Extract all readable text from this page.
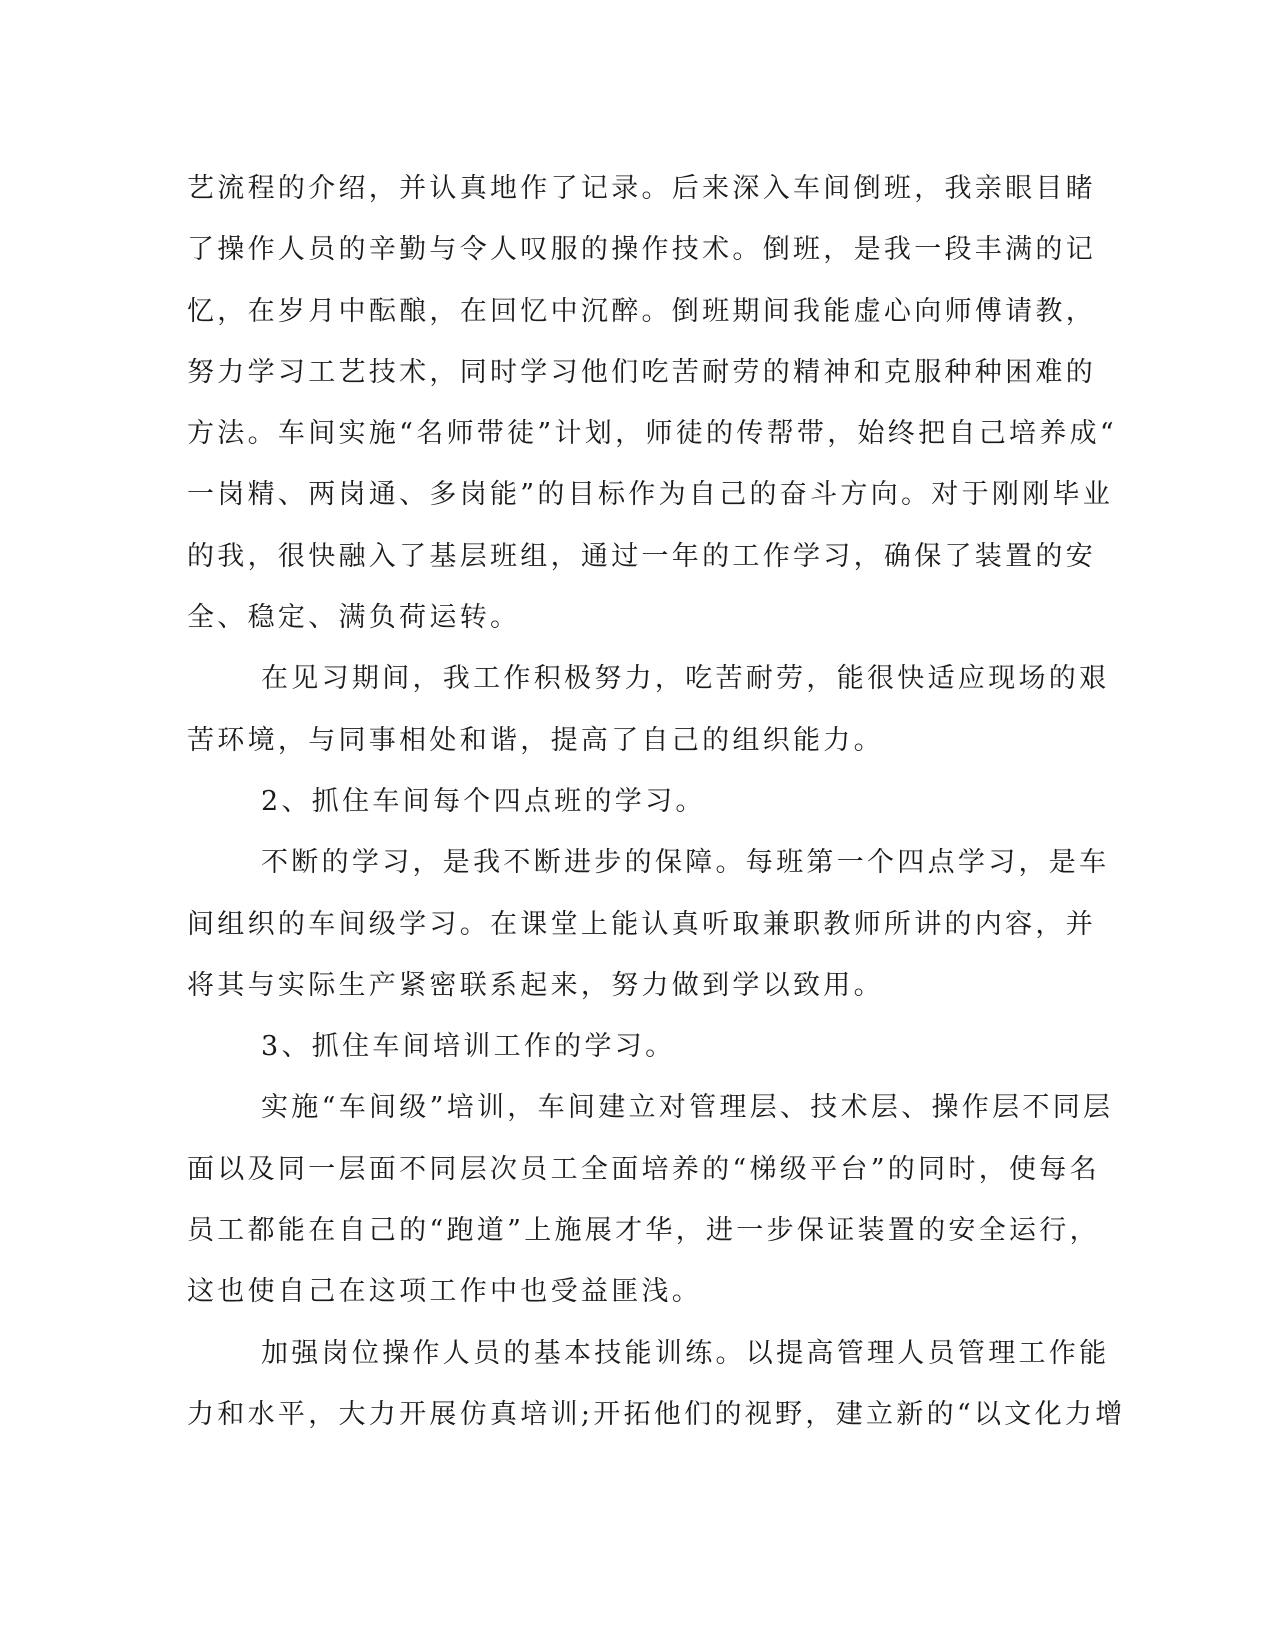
艺流程的介绍，并认真地作了记录。后来深入车间倒班，我亲眼目睹
了操作人员的辛勤与令人叹服的操作技术。倒班，是我一段丰满的记
忆，在岁月中酝酿，在回忆中沉醉。倒班期间我能虚心向师傅请教，
努力学习工艺技术，同时学习他们吃苦耐劳的精神和克服种种困难的
方法。车间实施“名师带徒”计划，师徒的传帮带，始终把自己培养成“
一岗精、两岗通、多岗能”的目标作为自己的奋斗方向。对于刚刚毕业
的我，很快融入了基层班组，通过一年的工作学习，确保了装置的安
全、稳定、满负荷运转。
在见习期间，我工作积极努力，吃苦耐劳，能很快适应现场的艰
苦环境，与同事相处和谐，提高了自己的组织能力。
2、抓住车间每个四点班的学习。
不断的学习，是我不断进步的保障。每班第一个四点学习，是车
间组织的车间级学习。在课堂上能认真听取兼职教师所讲的内容，并
将其与实际生产紧密联系起来，努力做到学以致用。
3、抓住车间培训工作的学习。
实施“车间级”培训，车间建立对管理层、技术层、操作层不同层
面以及同一层面不同层次员工全面培养的“梯级平台”的同时，使每名
员工都能在自己的“跑道”上施展才华，进一步保证装置的安全运行，
这也使自己在这项工作中也受益匪浅。
加强岗位操作人员的基本技能训练。以提高管理人员管理工作能
力和水平，大力开展仿真培训;开拓他们的视野，建立新的“以文化力增
